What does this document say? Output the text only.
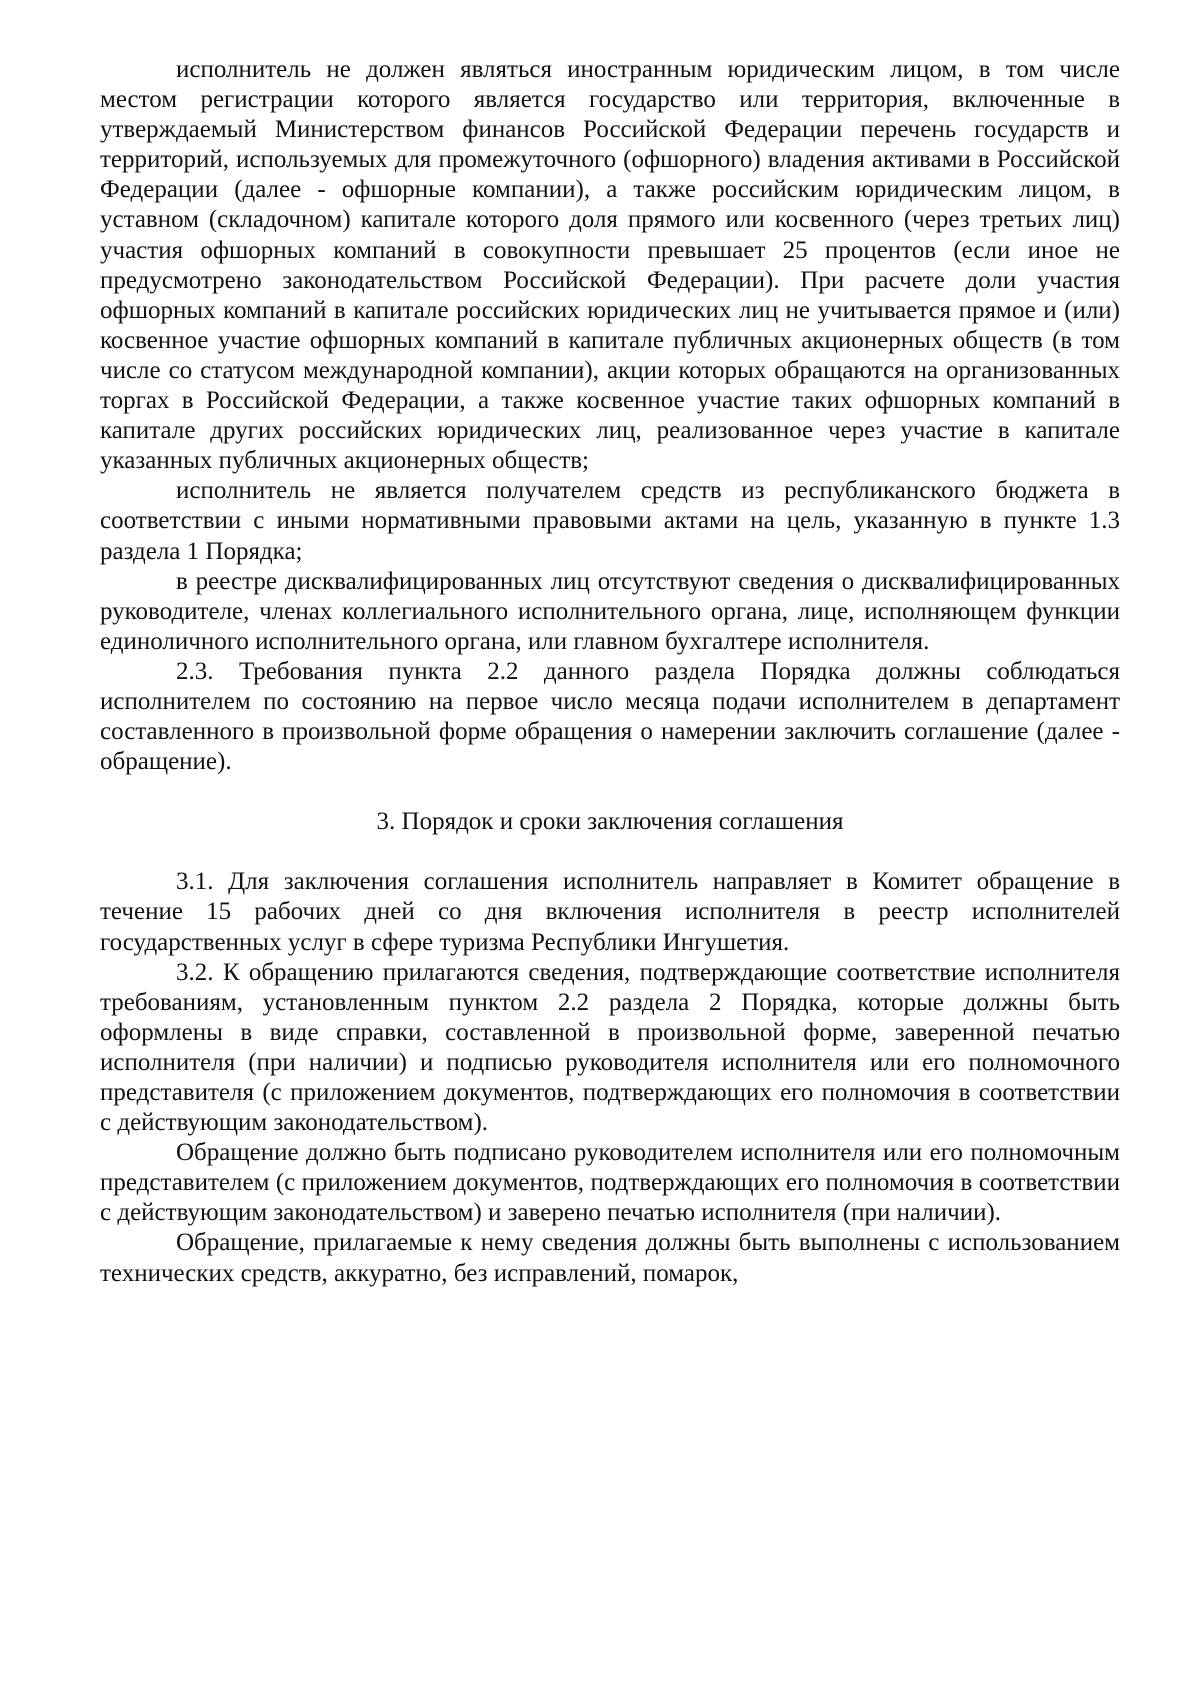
исполнитель не должен являться иностранным юридическим лицом, в том числе местом регистрации которого является государство или территория, включенные в утверждаемый Министерством финансов Российской Федерации перечень государств и территорий, используемых для промежуточного (офшорного) владения активами в Российской Федерации (далее - офшорные компании), а также российским юридическим лицом, в уставном (складочном) капитале которого доля прямого или косвенного (через третьих лиц) участия офшорных компаний в совокупности превышает 25 процентов (если иное не предусмотрено законодательством Российской Федерации). При расчете доли участия офшорных компаний в капитале российских юридических лиц не учитывается прямое и (или) косвенное участие офшорных компаний в капитале публичных акционерных обществ (в том числе со статусом международной компании), акции которых обращаются на организованных торгах в Российской Федерации, а также косвенное участие таких офшорных компаний в капитале других российских юридических лиц, реализованное через участие в капитале указанных публичных акционерных обществ;

исполнитель не является получателем средств из республиканского бюджета в соответствии с иными нормативными правовыми актами на цель, указанную в пункте 1.3 раздела 1 Порядка;

в реестре дисквалифицированных лиц отсутствуют сведения о дисквалифицированных руководителе, членах коллегиального исполнительного органа, лице, исполняющем функции единоличного исполнительного органа, или главном бухгалтере исполнителя.

2.3. Требования пункта 2.2 данного раздела Порядка должны соблюдаться исполнителем по состоянию на первое число месяца подачи исполнителем в департамент составленного в произвольной форме обращения о намерении заключить соглашение (далее - обращение).

3. Порядок и сроки заключения соглашения

3.1. Для заключения соглашения исполнитель направляет в Комитет обращение в течение 15 рабочих дней со дня включения исполнителя в реестр исполнителей государственных услуг в сфере туризма Республики Ингушетия.

3.2. К обращению прилагаются сведения, подтверждающие соответствие исполнителя требованиям, установленным пунктом 2.2 раздела 2 Порядка, которые должны быть оформлены в виде справки, составленной в произвольной форме, заверенной печатью исполнителя (при наличии) и подписью руководителя исполнителя или его полномочного представителя (с приложением документов, подтверждающих его полномочия в соответствии с действующим законодательством).

Обращение должно быть подписано руководителем исполнителя или его полномочным представителем (с приложением документов, подтверждающих его полномочия в соответствии с действующим законодательством) и заверено печатью исполнителя (при наличии).

Обращение, прилагаемые к нему сведения должны быть выполнены с использованием технических средств, аккуратно, без исправлений, помарок,
